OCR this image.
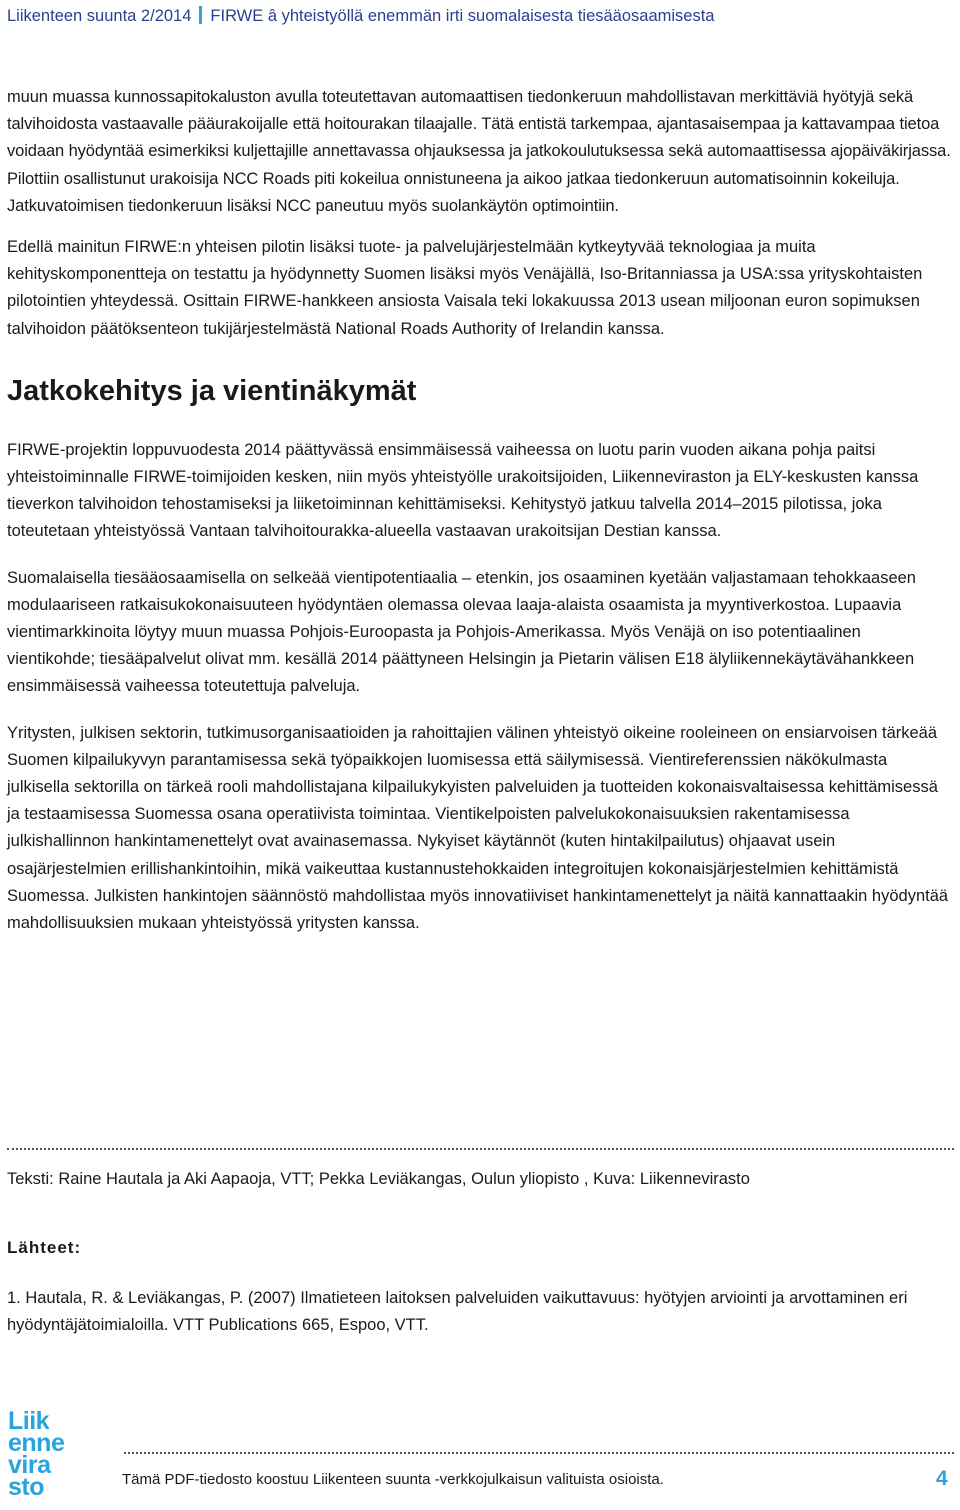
Liikenteen suunta 2/2014 FIRWE â yhteistyöllä enemmän irti suomalaisesta tiesääosaamisesta

muun muassa kunnossapitokaluston avulla toteutettavan automaattisen tiedonkeruun mahdollistavan merkittäviä hyötyjä sekä talvihoidosta vastaavalle pääurakoijalle että hoitourakan tilaajalle. Tätä entistä tarkempaa, ajantasaisempaa ja kattavampaa tietoa voidaan hyödyntää esimerkiksi kuljettajille annettavassa ohjauksessa ja jatkokoulutuksessa sekä automaattisessa ajopäiväkirjassa. Pilottiin osallistunut urakoisija NCC Roads piti kokeilua onnistuneena ja aikoo jatkaa tiedonkeruun automatisoinnin kokeiluja. Jatkuvatoimisen tiedonkeruun lisäksi NCC paneutuu myös suolankäytön optimointiin.

Edellä mainitun FIRWE:n yhteisen pilotin lisäksi tuote- ja palvelujärjestelmään kytkeytyvää teknologiaa ja muita kehityskomponentteja on testattu ja hyödynnetty Suomen lisäksi myös Venäjällä, Iso-Britanniassa ja USA:ssa yrityskohtaisten pilotointien yhteydessä. Osittain FIRWE-hankkeen ansiosta Vaisala teki lokakuussa 2013 usean miljoonan euron sopimuksen talvihoidon päätöksenteon tukijärjestelmästä National Roads Authority of Irelandin kanssa.

Jatkokehitys ja vientinäkymät

FIRWE-projektin loppuvuodesta 2014 päättyvässä ensimmäisessä vaiheessa on luotu parin vuoden aikana pohja paitsi yhteistoiminnalle FIRWE-toimijoiden kesken, niin myös yhteistyölle urakoitsijoiden, Liikenneviraston ja ELY-keskusten kanssa tieverkon talvihoidon tehostamiseksi ja liiketoiminnan kehittämiseksi. Kehitystyö jatkuu talvella 2014–2015 pilotissa, joka toteutetaan yhteistyössä Vantaan talvihoitourakka-alueella vastaavan urakoitsijan Destian kanssa.

Suomalaisella tiesääosaamisella on selkeää vientipotentiaalia – etenkin, jos osaaminen kyetään valjastamaan tehokkaaseen modulaariseen ratkaisukokonaisuuteen hyödyntäen olemassa olevaa laaja-alaista osaamista ja myyntiverkostoa. Lupaavia vientimarkkinoita löytyy muun muassa Pohjois-Euroopasta ja Pohjois-Amerikassa. Myös Venäjä on iso potentiaalinen vientikohde; tiesääpalvelut olivat mm. kesällä 2014 päättyneen Helsingin ja Pietarin välisen E18 älyliikennekäytävähankkeen ensimmäisessä vaiheessa toteutettuja palveluja.

Yritysten, julkisen sektorin, tutkimusorganisaatioiden ja rahoittajien välinen yhteistyö oikeine rooleineen on ensiarvoisen tärkeää Suomen kilpailukyvyn parantamisessa sekä työpaikkojen luomisessa että säilymisessä. Vientireferenssien näkökulmasta julkisella sektorilla on tärkeä rooli mahdollistajana kilpailukykyisten palveluiden ja tuotteiden kokonaisvaltaisessa kehittämisessä ja testaamisessa Suomessa osana operatiivista toimintaa. Vientikelpoisten palvelukokonaisuuksien rakentamisessa julkishallinnon hankintamenettelyt ovat avainasemassa. Nykyiset käytännöt (kuten hintakilpailutus) ohjaavat usein osajärjestelmien erillishankintoihin, mikä vaikeuttaa kustannustehokkaiden integroitujen kokonaisjärjestelmien kehittämistä Suomessa. Julkisten hankintojen säännöstö mahdollistaa myös innovatiiviset hankintamenettelyt ja näitä kannattaakin hyödyntää mahdollisuuksien mukaan yhteistyössä yritysten kanssa.

Teksti: Raine Hautala ja Aki Aapaoja, VTT; Pekka Leviäkangas, Oulun yliopisto , Kuva: Liikennevirasto
Lähteet:
1. Hautala, R. & Leviäkangas, P. (2007) Ilmatieteen laitoksen palveluiden vaikuttavuus: hyötyjen arviointi ja arvottaminen eri hyödyntäjätoimialoilla. VTT Publications 665, Espoo, VTT.
Liik
enne
vira
sto	Tämä PDF-tiedosto koostuu Liikenteen suunta -verkkojulkaisun valituista osioista.	4
